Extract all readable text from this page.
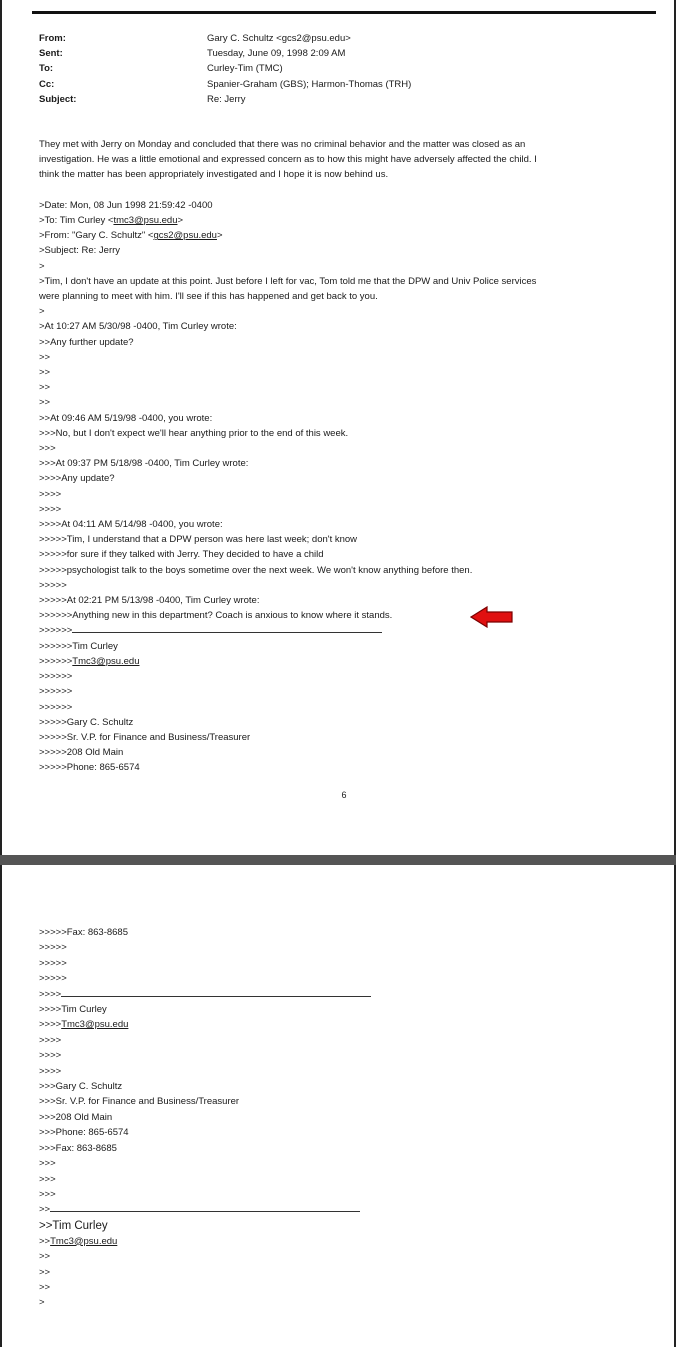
From:	Gary C. Schultz <gcs2@psu.edu>
Sent:	Tuesday, June 09, 1998 2:09 AM
To:	Curley-Tim (TMC)
Cc:	Spanier-Graham (GBS); Harmon-Thomas (TRH)
Subject:	Re: Jerry
They met with Jerry on Monday and concluded that there was no criminal behavior and the matter was closed as an
investigation. He was a little emotional and expressed concern as to how this might have adversely affected the child. I
think the matter has been appropriately investigated and I hope it is now behind us.
>Date: Mon, 08 Jun 1998 21:59:42 -0400
>To: Tim Curley <tmc3@psu.edu>
>From: "Gary C. Schultz" <gcs2@psu.edu>
>Subject: Re: Jerry
>
>Tim, I don't have an update at this point. Just before I left for vac, Tom told me that the DPW and Univ Police services
were planning to meet with him. I'll see if this has happened and get back to you.
>
>At 10:27 AM 5/30/98 -0400, Tim Curley wrote:
>>Any further update?
>>
>>
>>
>>
>>At 09:46 AM 5/19/98 -0400, you wrote:
>>>No, but I don't expect we'll hear anything prior to the end of this week.
>>>
>>>At 09:37 PM 5/18/98 -0400, Tim Curley wrote:
>>>>Any update?
>>>>
>>>>
>>>>At 04:11 AM 5/14/98 -0400, you wrote:
>>>>>Tim, I understand that a DPW person was here last week; don't know
>>>>>for sure if they talked with Jerry. They decided to have a child
>>>>>psychologist talk to the boys sometime over the next week. We won't know anything before then.
>>>>>
>>>>>At 02:21 PM 5/13/98 -0400, Tim Curley wrote:
>>>>>>Anything new in this department? Coach is anxious to know where it stands.
>>>>>>
>>>>>>Tim Curley
>>>>>>Tmc3@psu.edu
>>>>>>
>>>>>>
>>>>>>
>>>>>Gary C. Schultz
>>>>>Sr. V.P. for Finance and Business/Treasurer
>>>>>208 Old Main
>>>>>Phone: 865-6574
6
>>>>>Fax: 863-8685
>>>>>
>>>>>
>>>>>
>>>>
>>>>Tim Curley
>>>>Tmc3@psu.edu
>>>>
>>>>
>>>>
>>>Gary C. Schultz
>>>Sr. V.P. for Finance and Business/Treasurer
>>>208 Old Main
>>>Phone: 865-6574
>>>Fax: 863-8685
>>>
>>>
>>>
>>
>>Tim Curley
>>Tmc3@psu.edu
>>
>>
>>
>
